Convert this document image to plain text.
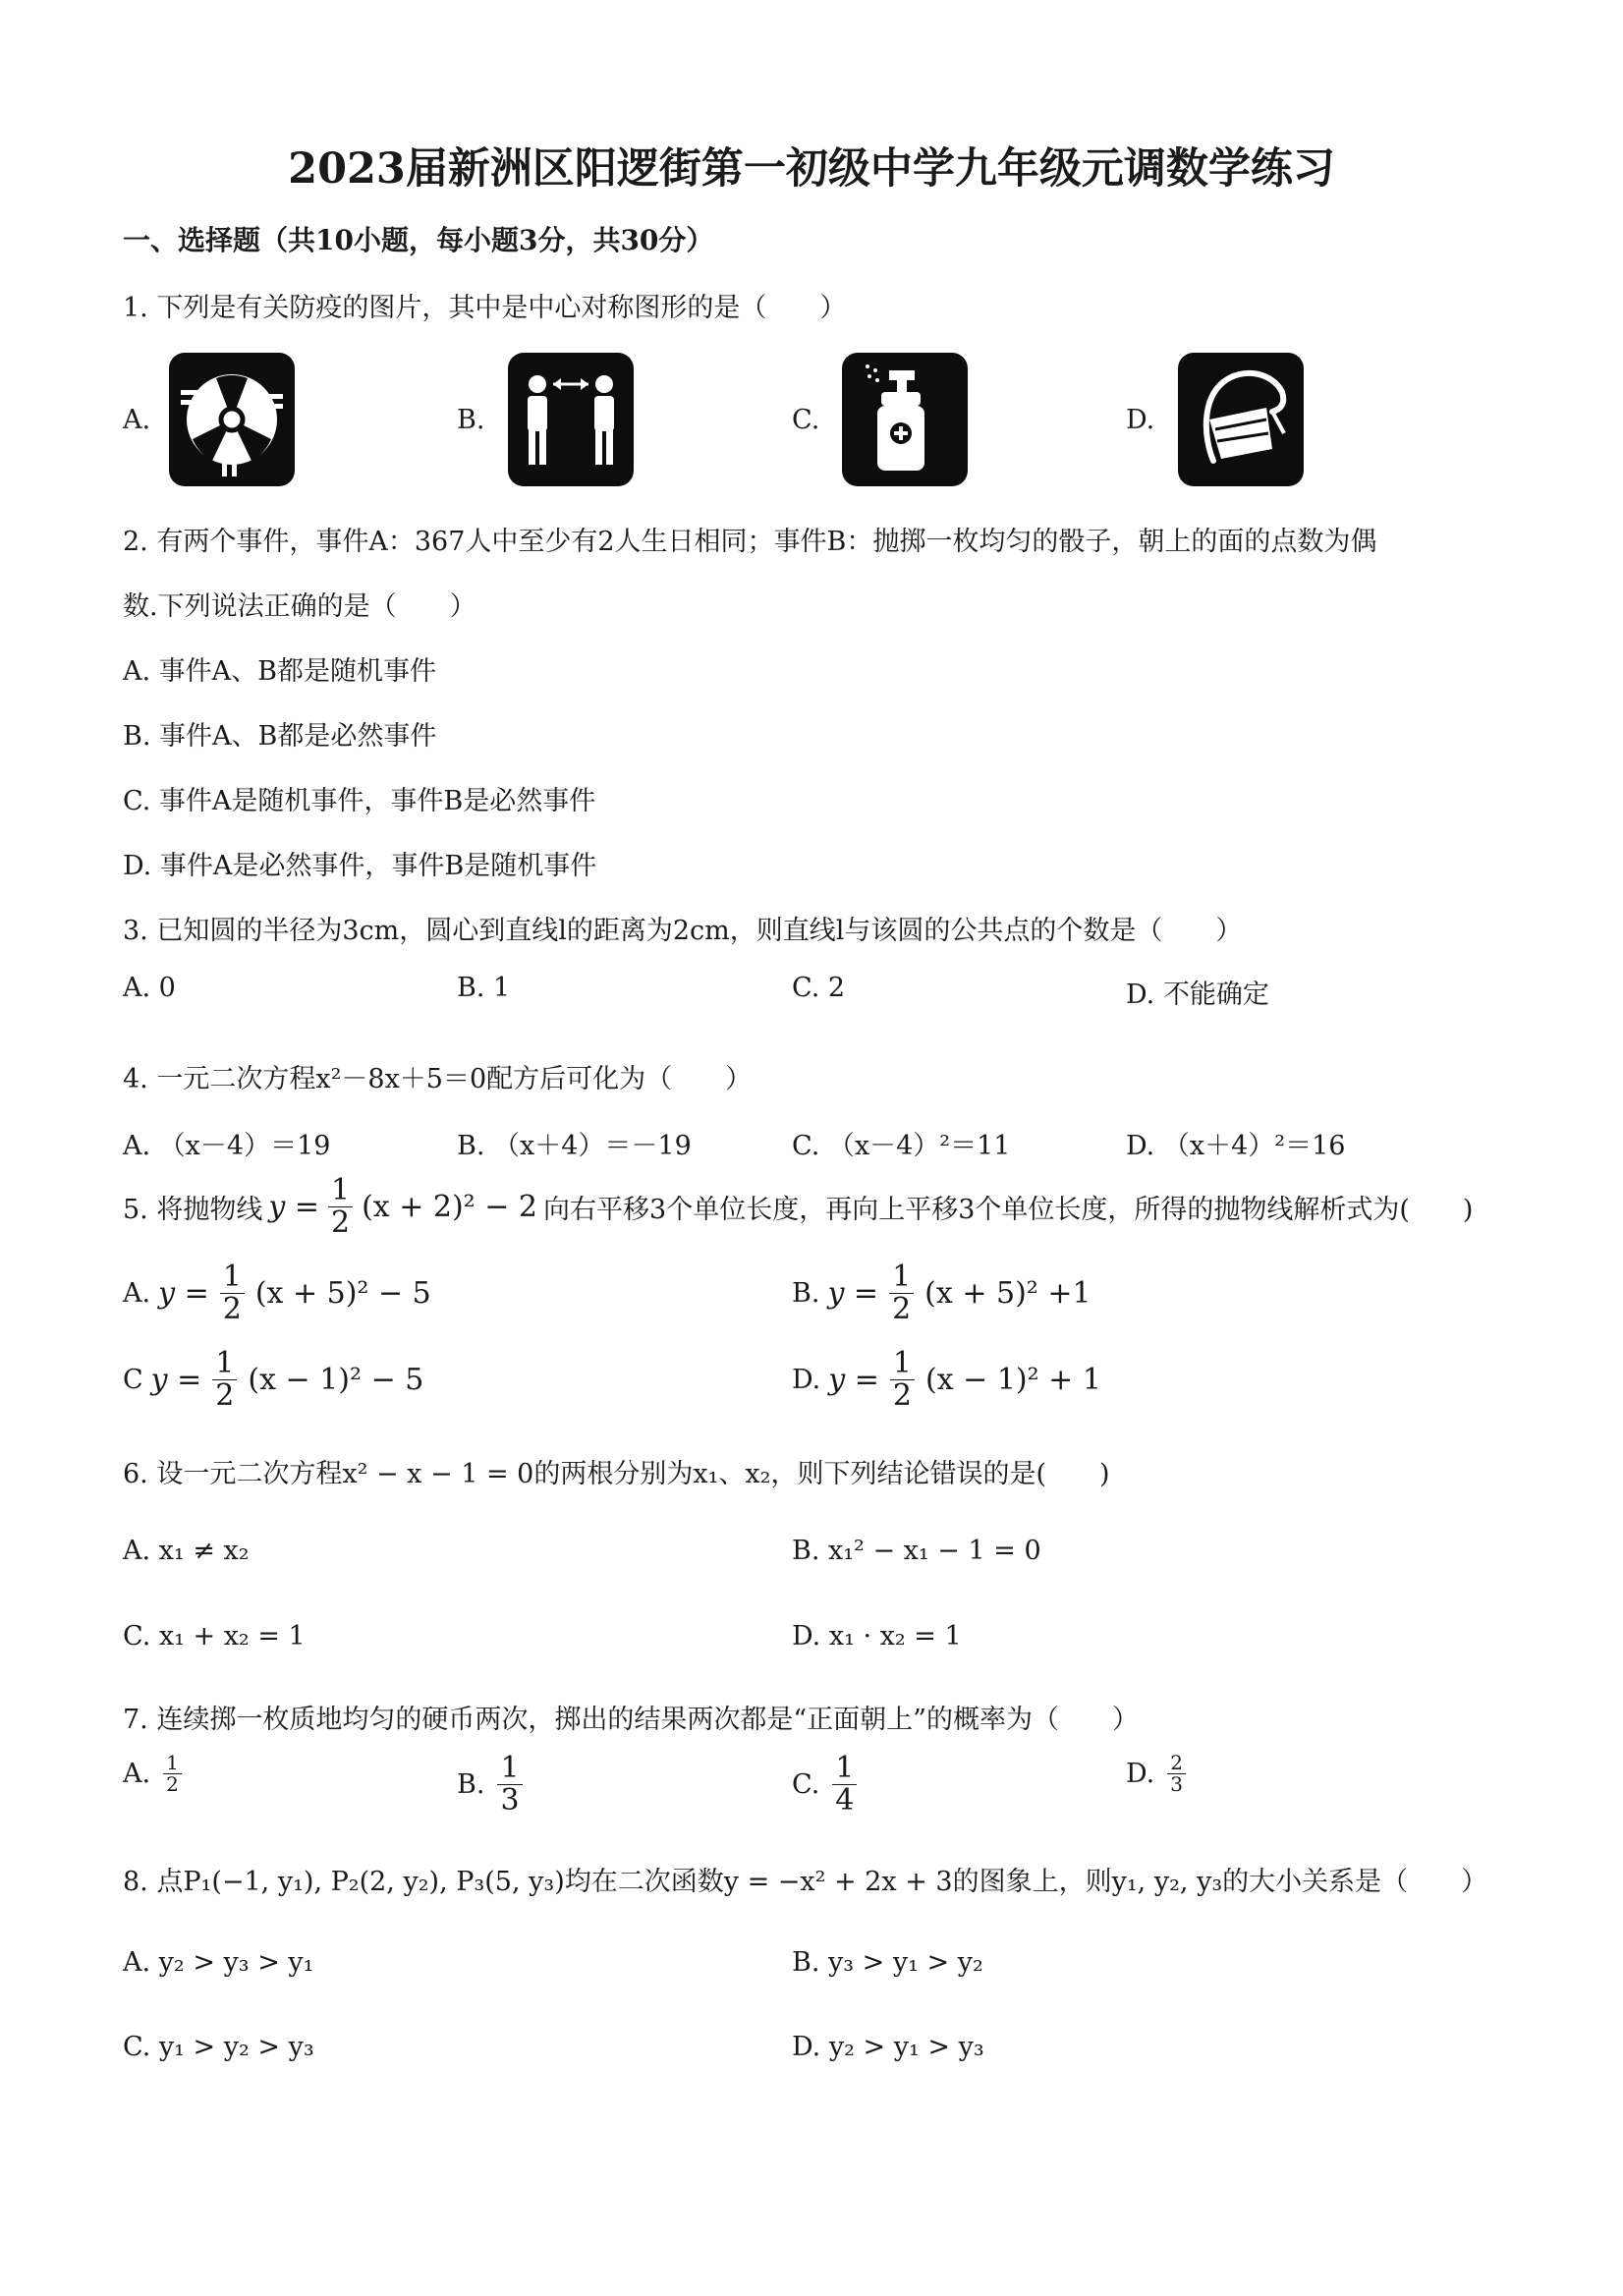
2023届新洲区阳逻街第一初级中学九年级元调数学练习
一、选择题（共10小题，每小题3分，共30分）
1. 下列是有关防疫的图片，其中是中心对称图形的是（　　）
A.	B.	C.	D.
2. 有两个事件，事件A：367人中至少有2人生日相同；事件B：抛掷一枚均匀的骰子，朝上的面的点数为偶
数.下列说法正确的是（　　）
A. 事件A、B都是随机事件
B. 事件A、B都是必然事件
C. 事件A是随机事件，事件B是必然事件
D. 事件A是必然事件，事件B是随机事件
3. 已知圆的半径为3cm，圆心到直线l的距离为2cm，则直线l与该圆的公共点的个数是（　　）
A. 0	B. 1	C. 2	D. 不能确定
4. 一元二次方程x²－8x＋5＝0配方后可化为（　　）
A. （x－4）＝19	B. （x＋4）＝－19	C. （x－4）²＝11	D. （x＋4）²＝16
5. 将抛物线 $y = \frac{1}{2} (x + 2)^2 - 2$ 向右平移3个单位长度，再向上平移3个单位长度，所得的抛物线解析式为(　　)
A. $y = \frac{1}{2} (x + 5)^2 - 5$	B. $y = \frac{1}{2} (x + 5)^2 +1$
C $y = \frac{1}{2} (x - 1)^2 - 5$	D. $y = \frac{1}{2} (x - 1)^2 + 1$
6. 设一元二次方程x² − x − 1 = 0的两根分别为x₁、x₂，则下列结论错误的是(　　)
A. x₁ ≠ x₂	B. x₁² − x₁ − 1 = 0
C. x₁ + x₂ = 1	D. x₁ · x₂ = 1
7. 连续掷一枚质地均匀的硬币两次，掷出的结果两次都是“正面朝上”的概率为（　　）
A. $\frac{1}{2}$	B. $\frac{1}{3}$	C. $\frac{1}{4}$	D. $\frac{2}{3}$
8. 点P₁(−1, y₁), P₂(2, y₂), P₃(5, y₃)均在二次函数y = −x² + 2x + 3的图象上，则y₁, y₂, y₃的大小关系是（　　）
A. y₂ > y₃ > y₁	B. y₃ > y₁ > y₂
C. y₁ > y₂ > y₃	D. y₂ > y₁ > y₃
